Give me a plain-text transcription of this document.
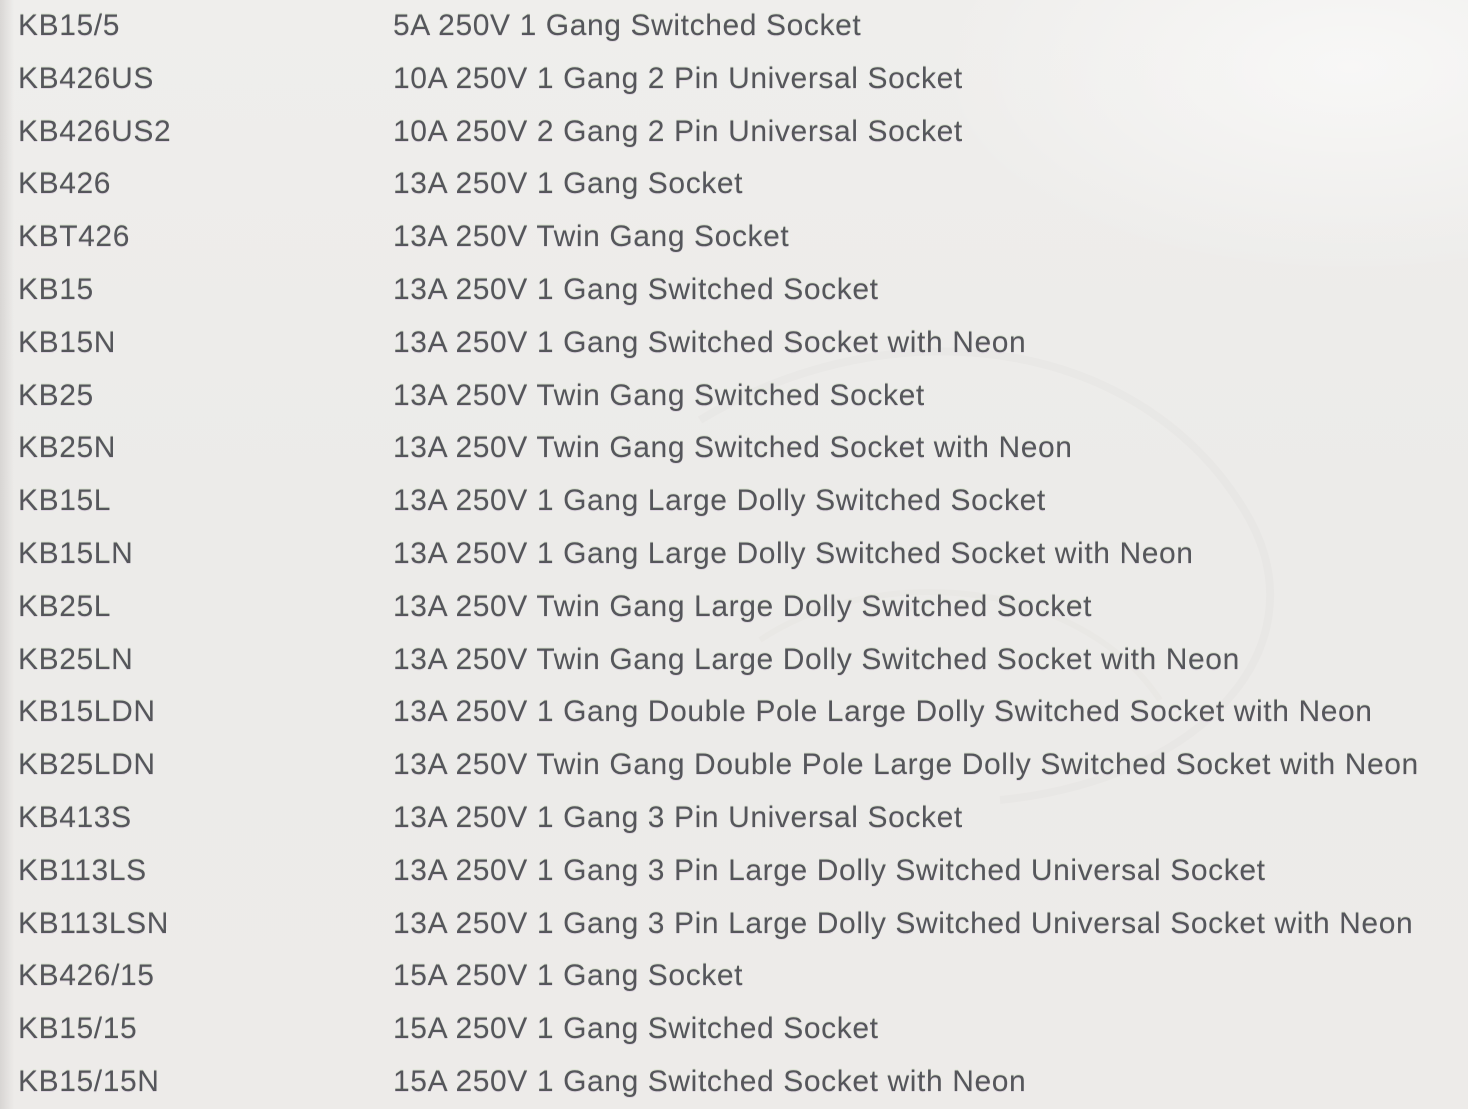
KB15/5	5A 250V 1 Gang Switched Socket
KB426US	10A 250V 1 Gang 2 Pin Universal Socket
KB426US2	10A 250V 2 Gang 2 Pin Universal Socket
KB426	13A 250V 1 Gang Socket
KBT426	13A 250V Twin Gang Socket
KB15	13A 250V 1 Gang Switched Socket
KB15N	13A 250V 1 Gang Switched Socket with Neon
KB25	13A 250V Twin Gang Switched Socket
KB25N	13A 250V Twin Gang Switched Socket with Neon
KB15L	13A 250V 1 Gang Large Dolly Switched Socket
KB15LN	13A 250V 1 Gang Large Dolly Switched Socket with Neon
KB25L	13A 250V Twin Gang Large Dolly Switched Socket
KB25LN	13A 250V Twin Gang Large Dolly Switched Socket with Neon
KB15LDN	13A 250V 1 Gang Double Pole Large Dolly Switched Socket with Neon
KB25LDN	13A 250V Twin Gang Double Pole Large Dolly Switched Socket with Neon
KB413S	13A 250V 1 Gang 3 Pin Universal Socket
KB113LS	13A 250V 1 Gang 3 Pin Large Dolly Switched Universal Socket
KB113LSN	13A 250V 1 Gang 3 Pin Large Dolly Switched Universal Socket with Neon
KB426/15	15A 250V 1 Gang Socket
KB15/15	15A 250V 1 Gang Switched Socket
KB15/15N	15A 250V 1 Gang Switched Socket with Neon
